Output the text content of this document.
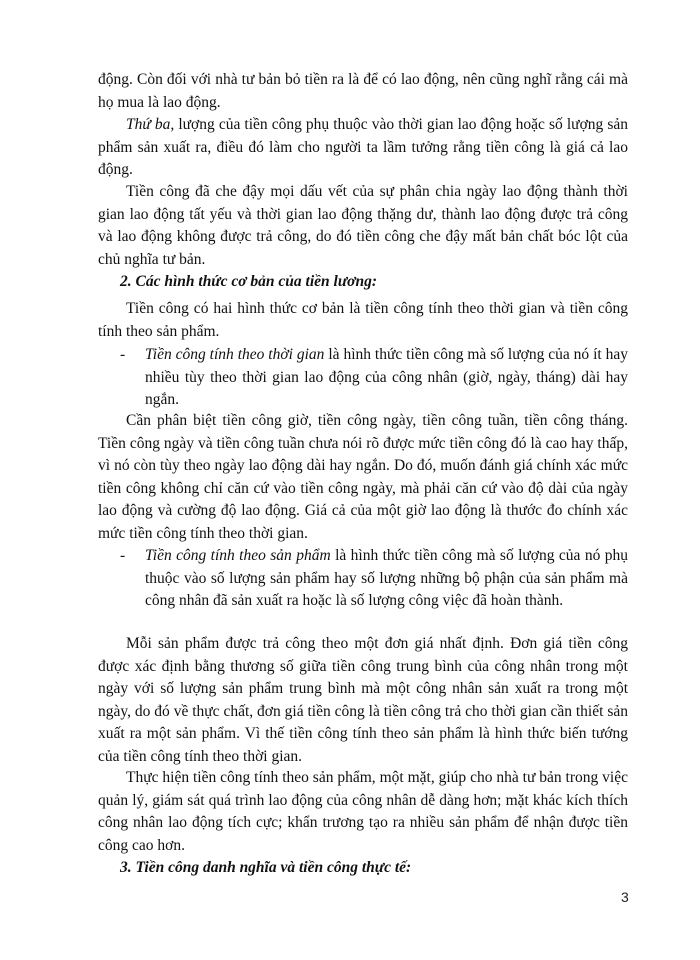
động. Còn đối với nhà tư bản bỏ tiền ra là để có lao động, nên cũng nghĩ rằng cái mà họ mua là lao động.

Thứ ba, lượng của tiền công phụ thuộc vào thời gian lao động hoặc số lượng sản phẩm sản xuất ra, điều đó làm cho người ta lầm tưởng rằng tiền công là giá cả lao động.

Tiền công đã che đậy mọi dấu vết của sự phân chia ngày lao động thành thời gian lao động tất yếu và thời gian lao động thặng dư, thành lao động được trả công và lao động không được trả công, do đó tiền công che đậy mất bản chất bóc lột của chủ nghĩa tư bản.

2. Các hình thức cơ bản của tiền lương:

Tiền công có hai hình thức cơ bản là tiền công tính theo thời gian và tiền công tính theo sản phẩm.

- Tiền công tính theo thời gian là hình thức tiền công mà số lượng của nó ít hay nhiều tùy theo thời gian lao động của công nhân (giờ, ngày, tháng) dài hay ngắn.

Cần phân biệt tiền công giờ, tiền công ngày, tiền công tuần, tiền công tháng. Tiền công ngày và tiền công tuần chưa nói rõ được mức tiền công đó là cao hay thấp, vì nó còn tùy theo ngày lao động dài hay ngắn. Do đó, muốn đánh giá chính xác mức tiền công không chỉ căn cứ vào tiền công ngày, mà phải căn cứ vào độ dài của ngày lao động và cường độ lao động. Giá cả của một giờ lao động là thước đo chính xác mức tiền công tính theo thời gian.

- Tiền công tính theo sản phẩm là hình thức tiền công mà số lượng của nó phụ thuộc vào số lượng sản phẩm hay số lượng những bộ phận của sản phẩm mà công nhân đã sản xuất ra hoặc là số lượng công việc đã hoàn thành.

Mỗi sản phẩm được trả công theo một đơn giá nhất định. Đơn giá tiền công được xác định bằng thương số giữa tiền công trung bình của công nhân trong một ngày với số lượng sản phẩm trung bình mà một công nhân sản xuất ra trong một ngày, do đó về thực chất, đơn giá tiền công là tiền công trả cho thời gian cần thiết sản xuất ra một sản phẩm. Vì thế tiền công tính theo sản phẩm là hình thức biến tướng của tiền công tính theo thời gian.

Thực hiện tiền công tính theo sản phẩm, một mặt, giúp cho nhà tư bản trong việc quản lý, giám sát quá trình lao động của công nhân dễ dàng hơn; mặt khác kích thích công nhân lao động tích cực; khẩn trương tạo ra nhiều sản phẩm để nhận được tiền công cao hơn.

3. Tiền công danh nghĩa và tiền công thực tế:

3
